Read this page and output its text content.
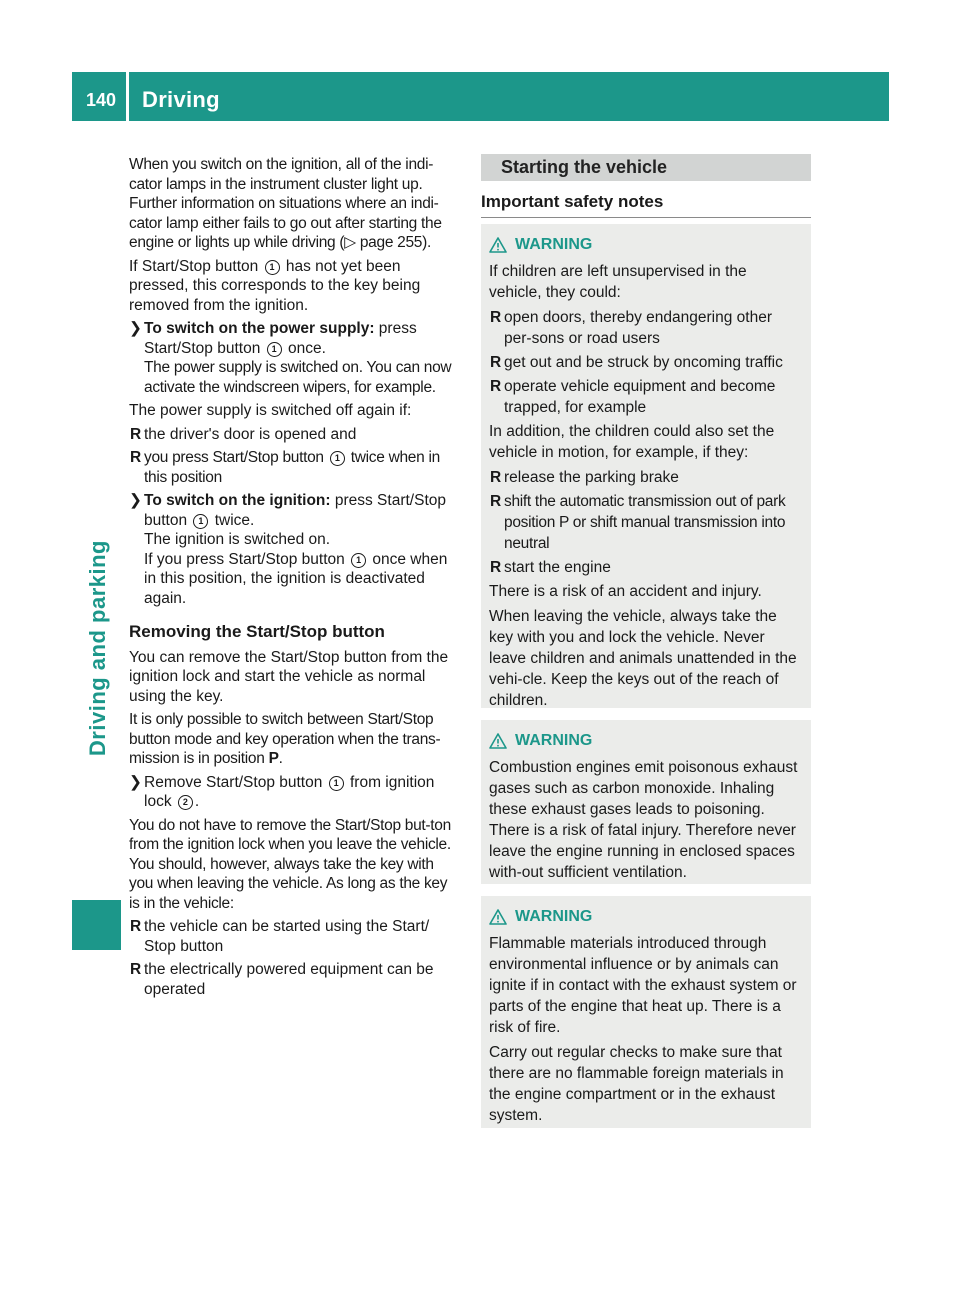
140 Driving
Driving and parking

When you switch on the ignition, all of the indi-cator lamps in the instrument cluster light up. Further information on situations where an indi-cator lamp either fails to go out after starting the engine or lights up while driving (▷ page 255).

If Start/Stop button 1 has not yet been pressed, this corresponds to the key being removed from the ignition.

❯ To switch on the power supply: press Start/Stop button 1 once.
The power supply is switched on. You can now activate the windscreen wipers, for example.

The power supply is switched off again if:

R the driver's door is opened and
R you press Start/Stop button 1 twice when in this position
❯ To switch on the ignition: press Start/Stop button 1 twice.
The ignition is switched on.
If you press Start/Stop button 1 once when in this position, the ignition is deactivated again.
Removing the Start/Stop button

You can remove the Start/Stop button from the ignition lock and start the vehicle as normal using the key.

It is only possible to switch between Start/Stop button mode and key operation when the trans-mission is in position P.

❯ Remove Start/Stop button 1 from ignition lock 2 .

You do not have to remove the Start/Stop but-ton from the ignition lock when you leave the vehicle. You should, however, always take the key with you when leaving the vehicle. As long as the key is in the vehicle:

R the vehicle can be started using the Start/ Stop button
R the electrically powered equipment can be operated
Starting the vehicle
Important safety notes
WARNING

If children are left unsupervised in the vehicle, they could:

R open doors, thereby endangering other per-sons or road users
R get out and be struck by oncoming traffic
R operate vehicle equipment and become trapped, for example

In addition, the children could also set the vehicle in motion, for example, if they:

R release the parking brake
R shift the automatic transmission out of park position P or shift manual transmission into neutral
R start the engine

There is a risk of an accident and injury.

When leaving the vehicle, always take the key with you and lock the vehicle. Never leave children and animals unattended in the vehi-cle. Keep the keys out of the reach of children.

WARNING

Combustion engines emit poisonous exhaust gases such as carbon monoxide. Inhaling these exhaust gases leads to poisoning. There is a risk of fatal injury. Therefore never leave the engine running in enclosed spaces with-out sufficient ventilation.

WARNING

Flammable materials introduced through environmental influence or by animals can ignite if in contact with the exhaust system or parts of the engine that heat up. There is a risk of fire.

Carry out regular checks to make sure that there are no flammable foreign materials in the engine compartment or in the exhaust system.
